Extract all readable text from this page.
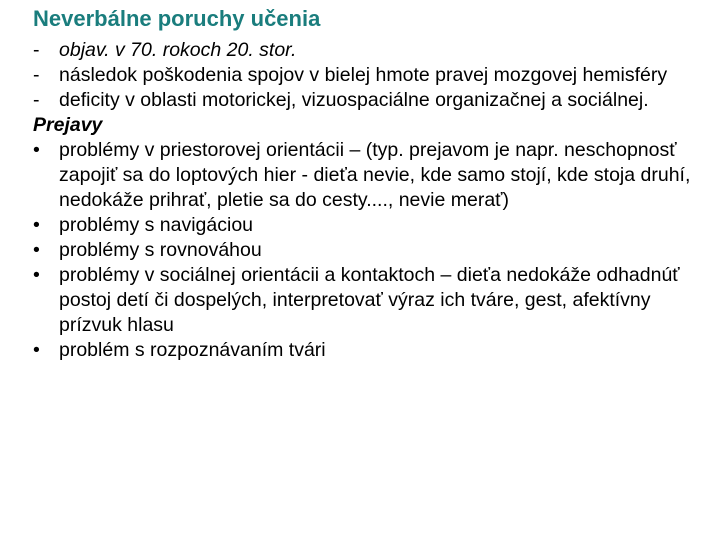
Neverbálne poruchy učenia
-	objav. v 70. rokoch 20. stor.
-	následok poškodenia spojov v bielej hmote pravej mozgovej hemisféry
-	deficity v oblasti motorickej, vizuospaciálne organizačnej a sociálnej.
Prejavy
• problémy v priestorovej orientácii – (typ. prejavom je napr. neschopnosť zapojiť sa do loptových hier - dieťa nevie, kde samo stojí, kde stoja druhí, nedokáže prihrať, pletie sa do cesty...., nevie merať)
• problémy s navigáciou
• problémy s rovnováhou
• problémy v sociálnej orientácii a kontaktoch – dieťa nedokáže odhadnúť postoj detí či dospelých, interpretovať výraz ich tváre, gest, afektívny prízvuk hlasu
• problém s rozpoznávaním tvári
